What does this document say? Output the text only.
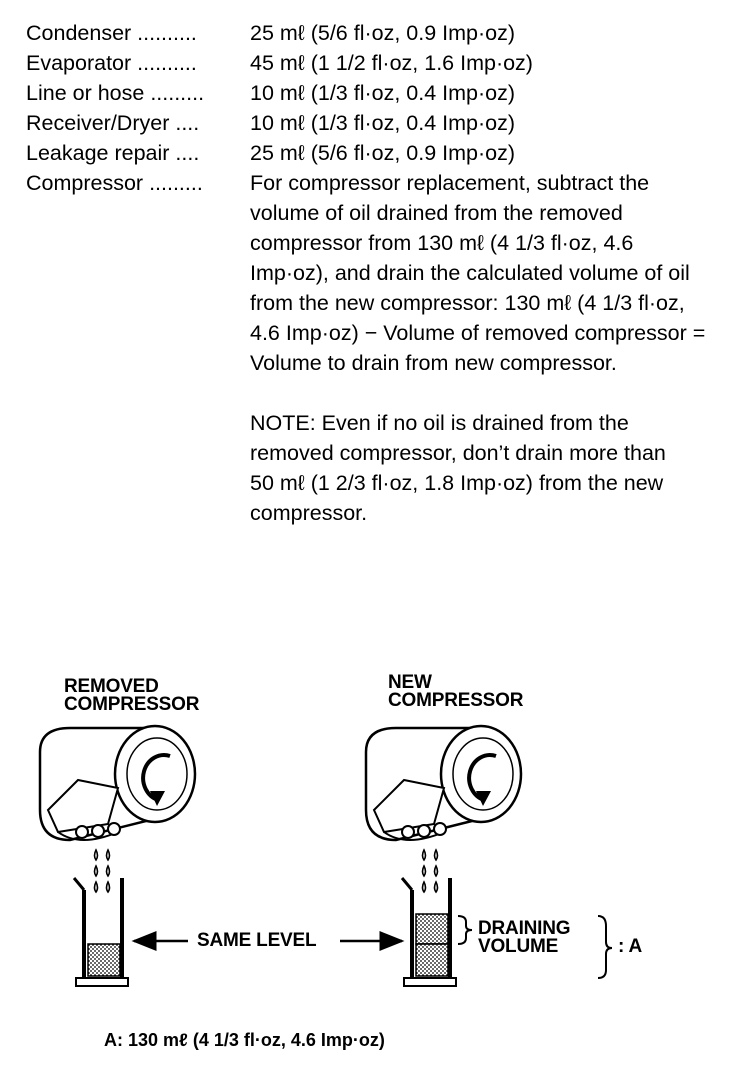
Condenser ..........	25 mℓ (5/6 fl·oz, 0.9 Imp·oz)
Evaporator ..........	45 mℓ (1 1/2 fl·oz, 1.6 Imp·oz)
Line or hose .........	10 mℓ (1/3 fl·oz, 0.4 Imp·oz)
Receiver/Dryer ....	10 mℓ (1/3 fl·oz, 0.4 Imp·oz)
Leakage repair ....	25 mℓ (5/6 fl·oz, 0.9 Imp·oz)
Compressor .........	For compressor replacement, subtract the volume of oil drained from the removed compressor from 130 mℓ (4 1/3 fl·oz, 4.6 Imp·oz), and drain the calculated volume of oil from the new compressor: 130 mℓ (4 1/3 fl·oz, 4.6 Imp·oz) − Volume of removed compressor = Volume to drain from new compressor.
NOTE: Even if no oil is drained from the removed compressor, don’t drain more than 50 mℓ (1 2/3 fl·oz, 1.8 Imp·oz) from the new compressor.
REMOVED
COMPRESSOR
NEW
COMPRESSOR
SAME LEVEL
DRAINING
VOLUME	: A
A: 130 mℓ (4 1/3 fl·oz, 4.6 Imp·oz)
